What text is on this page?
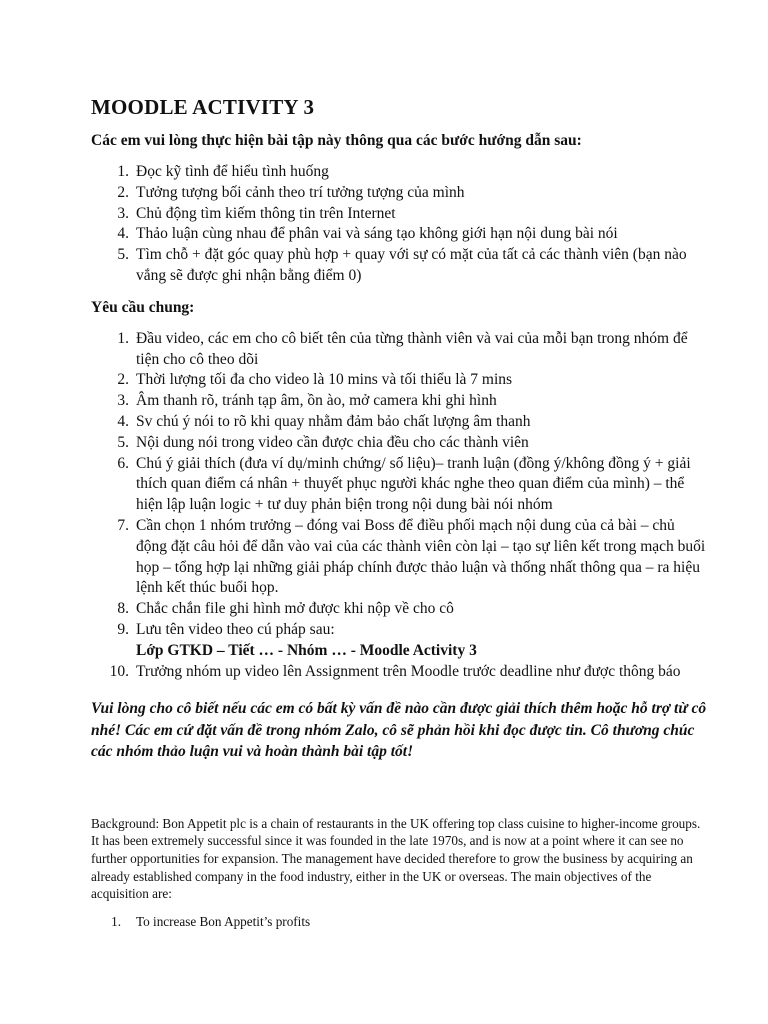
MOODLE ACTIVITY 3

Các em vui lòng thực hiện bài tập này thông qua các bước hướng dẫn sau:

1. Đọc kỹ tình để hiểu tình huống
2. Tưởng tượng bối cảnh theo trí tưởng tượng của mình
3. Chủ động tìm kiếm thông tin trên Internet
4. Thảo luận cùng nhau để phân vai và sáng tạo không giới hạn nội dung bài nói
5. Tìm chỗ + đặt góc quay phù hợp + quay với sự có mặt của tất cả các thành viên (bạn nào vắng sẽ được ghi nhận bằng điểm 0)

Yêu cầu chung:

1. Đầu video, các em cho cô biết tên của từng thành viên và vai của mỗi bạn trong nhóm để tiện cho cô theo dõi
2. Thời lượng tối đa cho video là 10 mins và tối thiểu là 7 mins
3. Âm thanh rõ, tránh tạp âm, ồn ào, mở camera khi ghi hình
4. Sv chú ý nói to rõ khi quay nhằm đảm bảo chất lượng âm thanh
5. Nội dung nói trong video cần được chia đều cho các thành viên
6. Chú ý giải thích (đưa ví dụ/minh chứng/ số liệu)– tranh luận (đồng ý/không đồng ý + giải thích quan điểm cá nhân + thuyết phục người khác nghe theo quan điểm của mình) – thể hiện lập luận logic + tư duy phản biện trong nội dung bài nói nhóm
7. Cần chọn 1 nhóm trưởng – đóng vai Boss để điều phối mạch nội dung của cả bài – chủ động đặt câu hỏi để dẫn vào vai của các thành viên còn lại – tạo sự liên kết trong mạch buổi họp – tổng hợp lại những giải pháp chính được thảo luận và thống nhất thông qua – ra hiệu lệnh kết thúc buổi họp.
8. Chắc chắn file ghi hình mở được khi nộp về cho cô
9. Lưu tên video theo cú pháp sau:
Lớp GTKD – Tiết … - Nhóm … - Moodle Activity 3
10. Trưởng nhóm up video lên Assignment trên Moodle trước deadline như được thông báo

Vui lòng cho cô biết nếu các em có bất kỳ vấn đề nào cần được giải thích thêm hoặc hỗ trợ từ cô nhé! Các em cứ đặt vấn đề trong nhóm Zalo, cô sẽ phản hồi khi đọc được tin. Cô thương chúc các nhóm thảo luận vui và hoàn thành bài tập tốt!

Background: Bon Appetit plc is a chain of restaurants in the UK offering top class cuisine to higher-income groups. It has been extremely successful since it was founded in the late 1970s, and is now at a point where it can see no further opportunities for expansion. The management have decided therefore to grow the business by acquiring an already established company in the food industry, either in the UK or overseas. The main objectives of the acquisition are:

1. To increase Bon Appetit’s profits
